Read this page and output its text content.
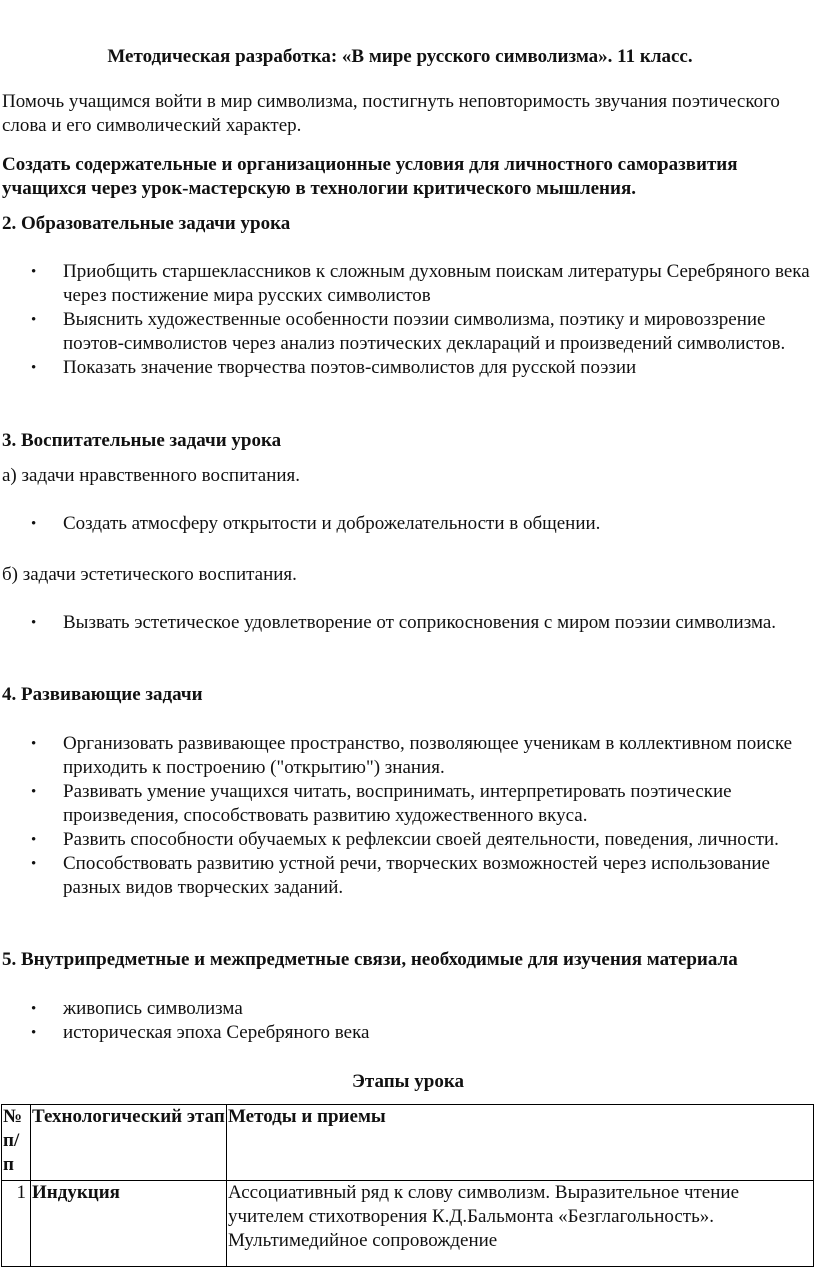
Методическая разработка: «В мире русского символизма». 11 класс.

Помочь учащимся войти в мир символизма, постигнуть неповторимость звучания поэтического слова и его символический характер.

Создать содержательные и организационные условия для личностного саморазвития учащихся через урок-мастерскую в технологии критического мышления.

2. Образовательные задачи урока
• Приобщить старшеклассников к сложным духовным поискам литературы Серебряного века через постижение мира русских символистов
• Выяснить художественные особенности поэзии символизма, поэтику и мировоззрение поэтов-символистов через анализ поэтических деклараций и произведений символистов.
• Показать значение творчества поэтов-символистов для русской поэзии
3. Воспитательные задачи урока
а) задачи нравственного воспитания.
• Создать атмосферу открытости и доброжелательности в общении.
б) задачи эстетического воспитания.
• Вызвать эстетическое удовлетворение от соприкосновения с миром поэзии символизма.
4. Развивающие задачи
• Организовать развивающее пространство, позволяющее ученикам в коллективном поиске приходить к построению ("открытию") знания.
• Развивать умение учащихся читать, воспринимать, интерпретировать поэтические произведения, способствовать развитию художественного вкуса.
• Развить способности обучаемых к рефлексии своей деятельности, поведения, личности.
• Способствовать развитию устной речи, творческих возможностей через использование разных видов творческих заданий.
5. Внутрипредметные и межпредметные связи, необходимые для изучения материала
• живопись символизма
• историческая эпоха Серебряного века
Этапы урока
№ п/п	Технологический этап	Методы и приемы
1	Индукция	Ассоциативный ряд к слову символизм. Выразительное чтение учителем стихотворения К.Д.Бальмонта «Безглагольность». Мультимедийное сопровождение
